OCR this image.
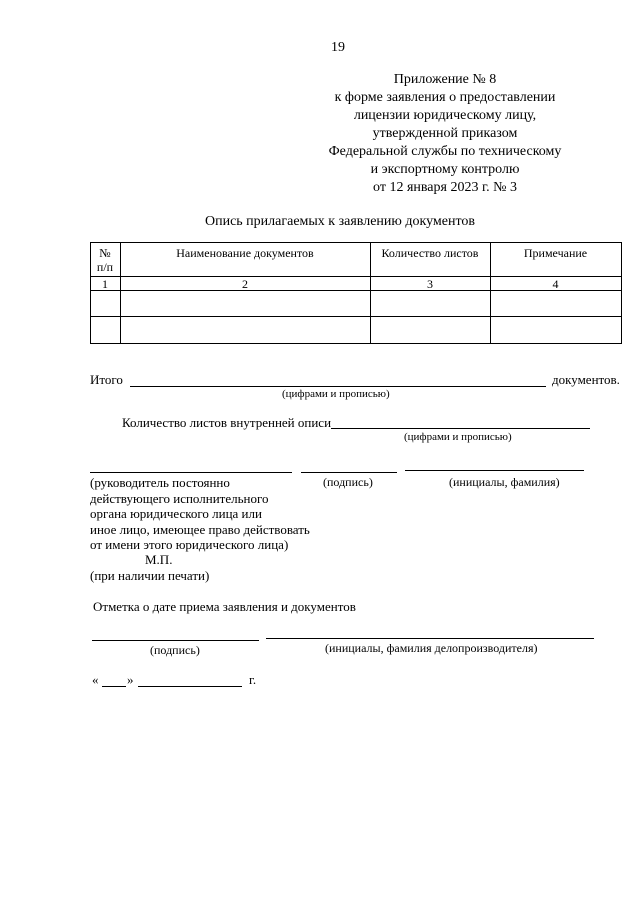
19
Приложение № 8
к форме заявления о предоставлении
лицензии юридическому лицу,
утвержденной приказом
Федеральной службы по техническому
и экспортному контролю
от 12 января 2023 г. № 3
Опись прилагаемых к заявлению документов
№
п/п
Наименование документов	Количество листов	Примечание
1	2	3	4
Итого	документов.
(цифрами и прописью)
Количество листов внутренней описи
(цифрами и прописью)
(руководитель постоянно
действующего исполнительного
органа юридического лица или
иное лицо, имеющее право действовать
от имени этого юридического лица)
(подпись)	(инициалы, фамилия)
М.П.
(при наличии печати)
Отметка о дате приема заявления и документов
(подпись)	(инициалы, фамилия делопроизводителя)
« »	г.
